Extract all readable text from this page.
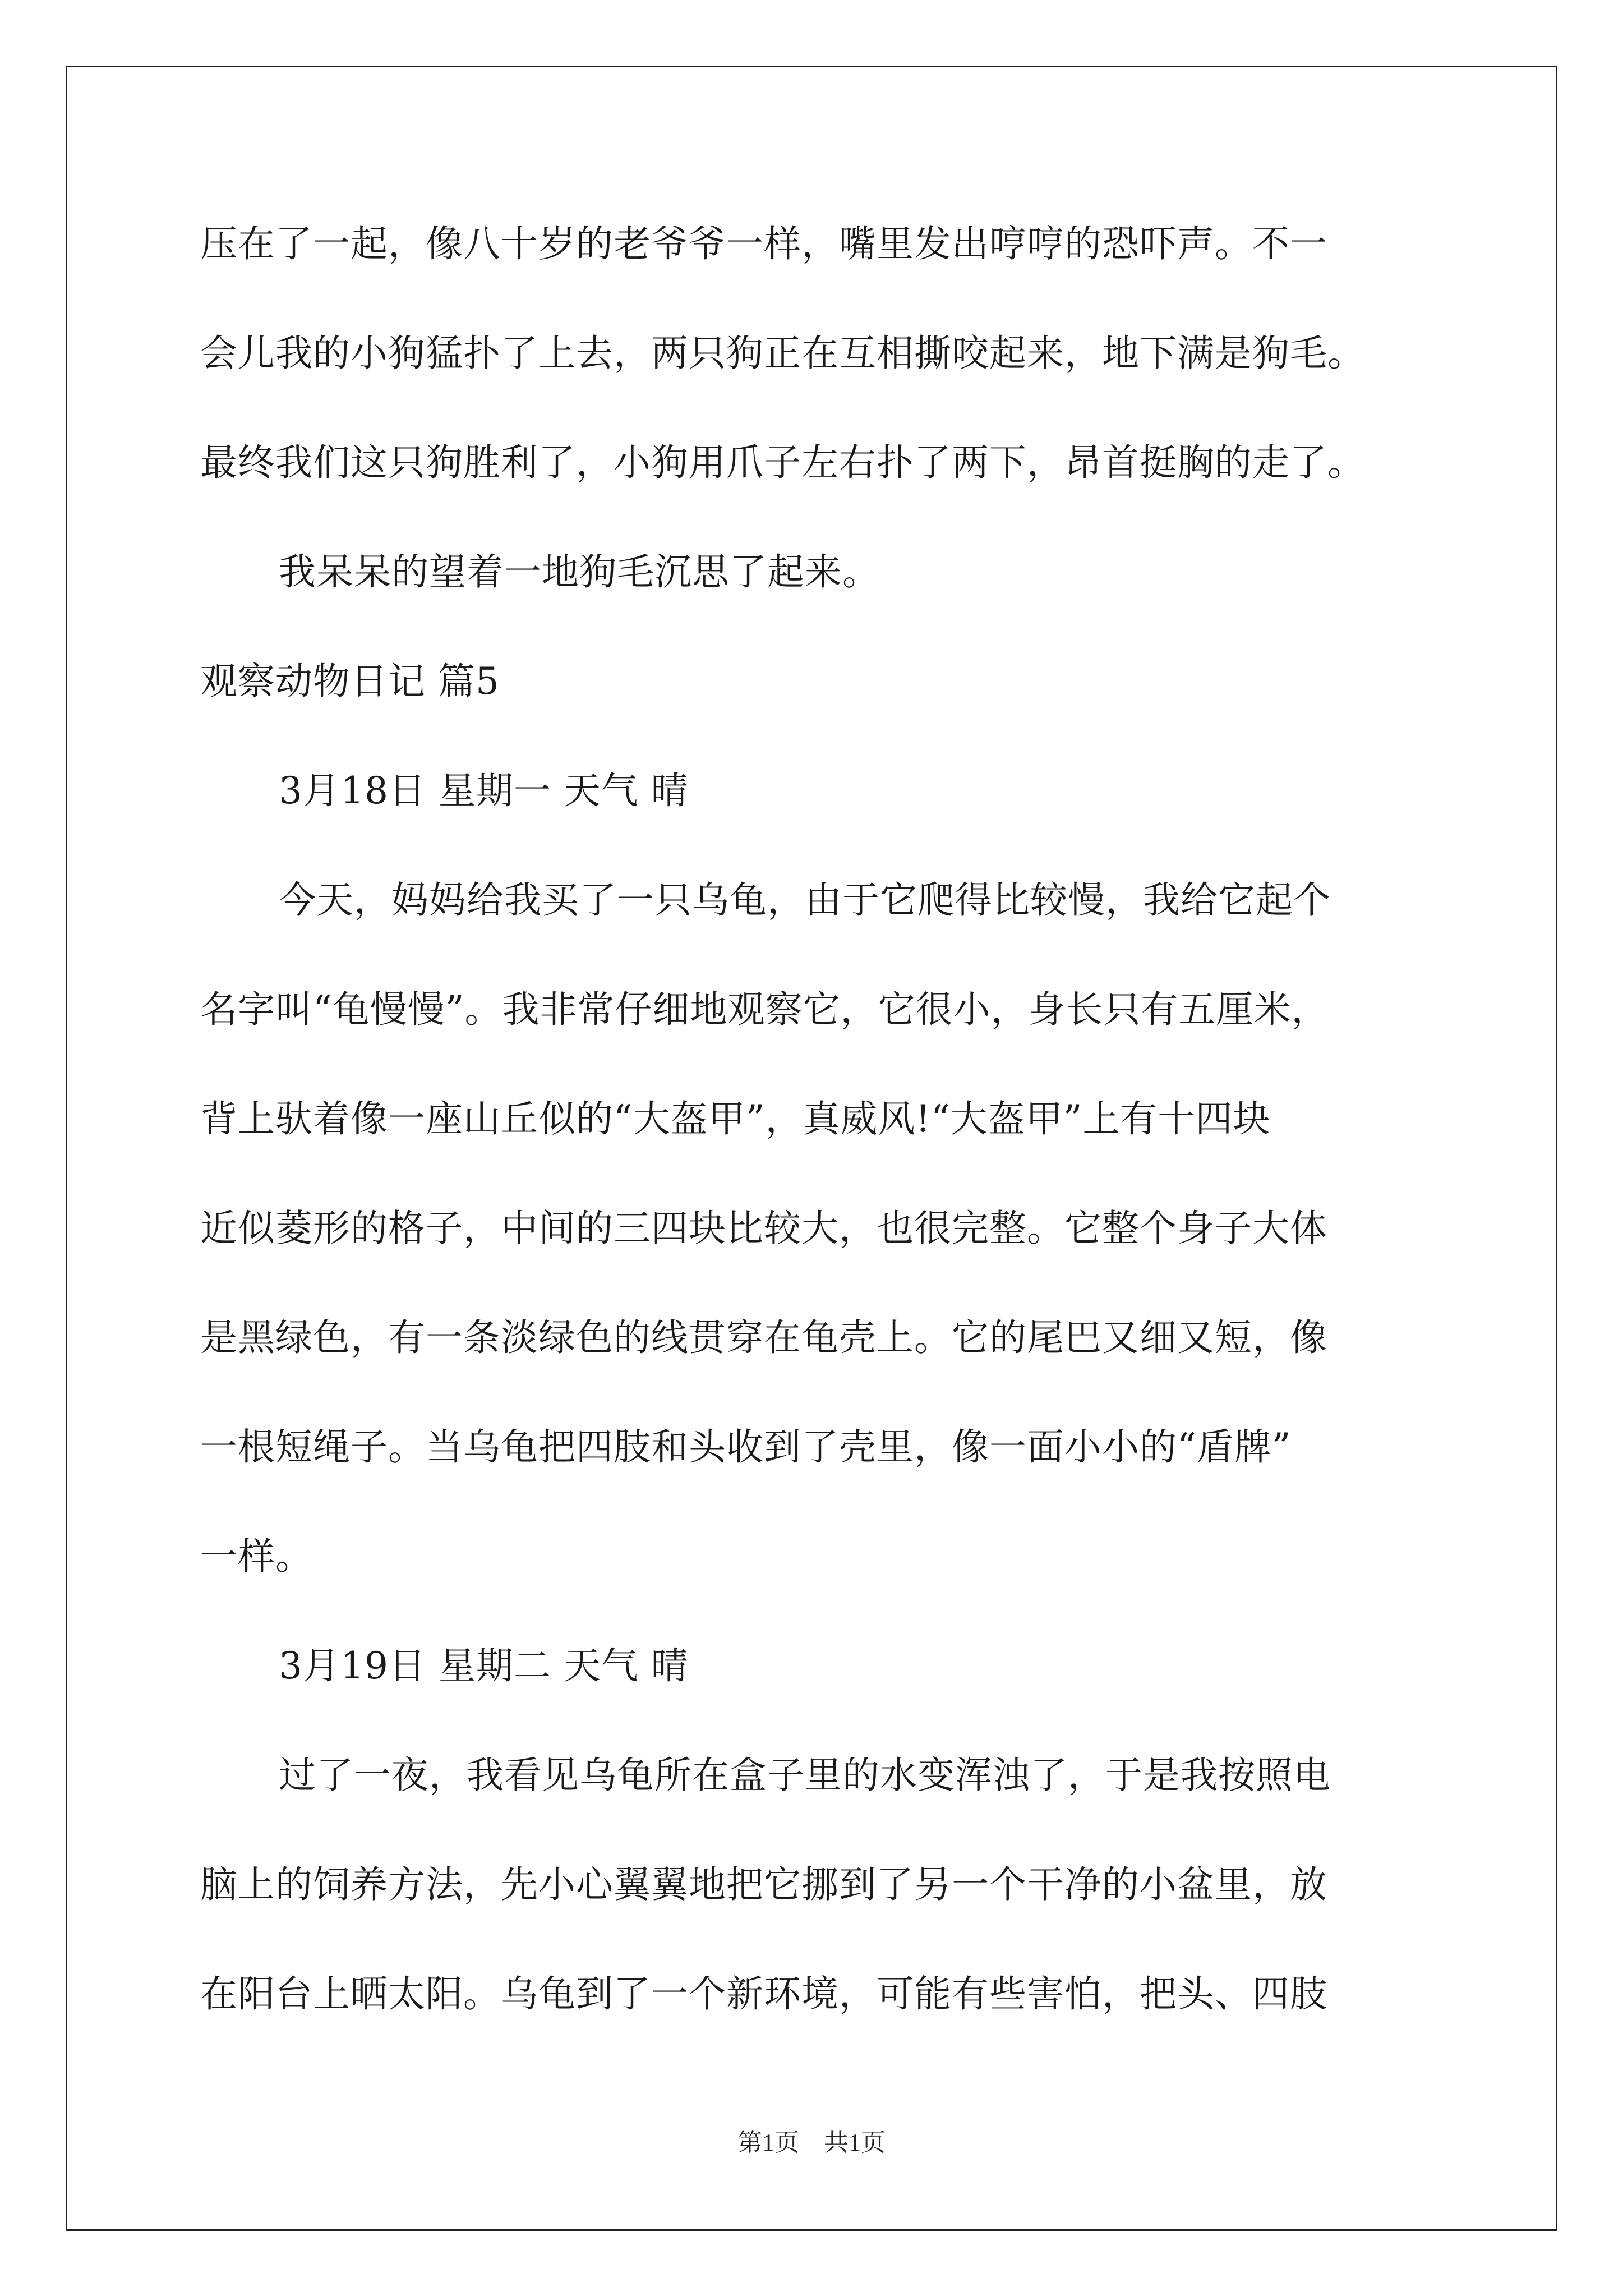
压在了一起，像八十岁的老爷爷一样，嘴里发出哼哼的恐吓声。不一
会儿我的小狗猛扑了上去，两只狗正在互相撕咬起来，地下满是狗毛。
最终我们这只狗胜利了，小狗用爪子左右扑了两下，昂首挺胸的走了。
我呆呆的望着一地狗毛沉思了起来。
观察动物日记 篇5
3月18日 星期一 天气 晴
今天，妈妈给我买了一只乌龟，由于它爬得比较慢，我给它起个
名字叫“龟慢慢”。我非常仔细地观察它，它很小，身长只有五厘米，
背上驮着像一座山丘似的“大盔甲”，真威风!“大盔甲”上有十四块
近似菱形的格子，中间的三四块比较大，也很完整。它整个身子大体
是黑绿色，有一条淡绿色的线贯穿在龟壳上。它的尾巴又细又短，像
一根短绳子。当乌龟把四肢和头收到了壳里，像一面小小的“盾牌”
一样。
3月19日 星期二 天气 晴
过了一夜，我看见乌龟所在盒子里的水变浑浊了，于是我按照电
脑上的饲养方法，先小心翼翼地把它挪到了另一个干净的小盆里，放
在阳台上晒太阳。乌龟到了一个新环境，可能有些害怕，把头、四肢
第1页　共1页
